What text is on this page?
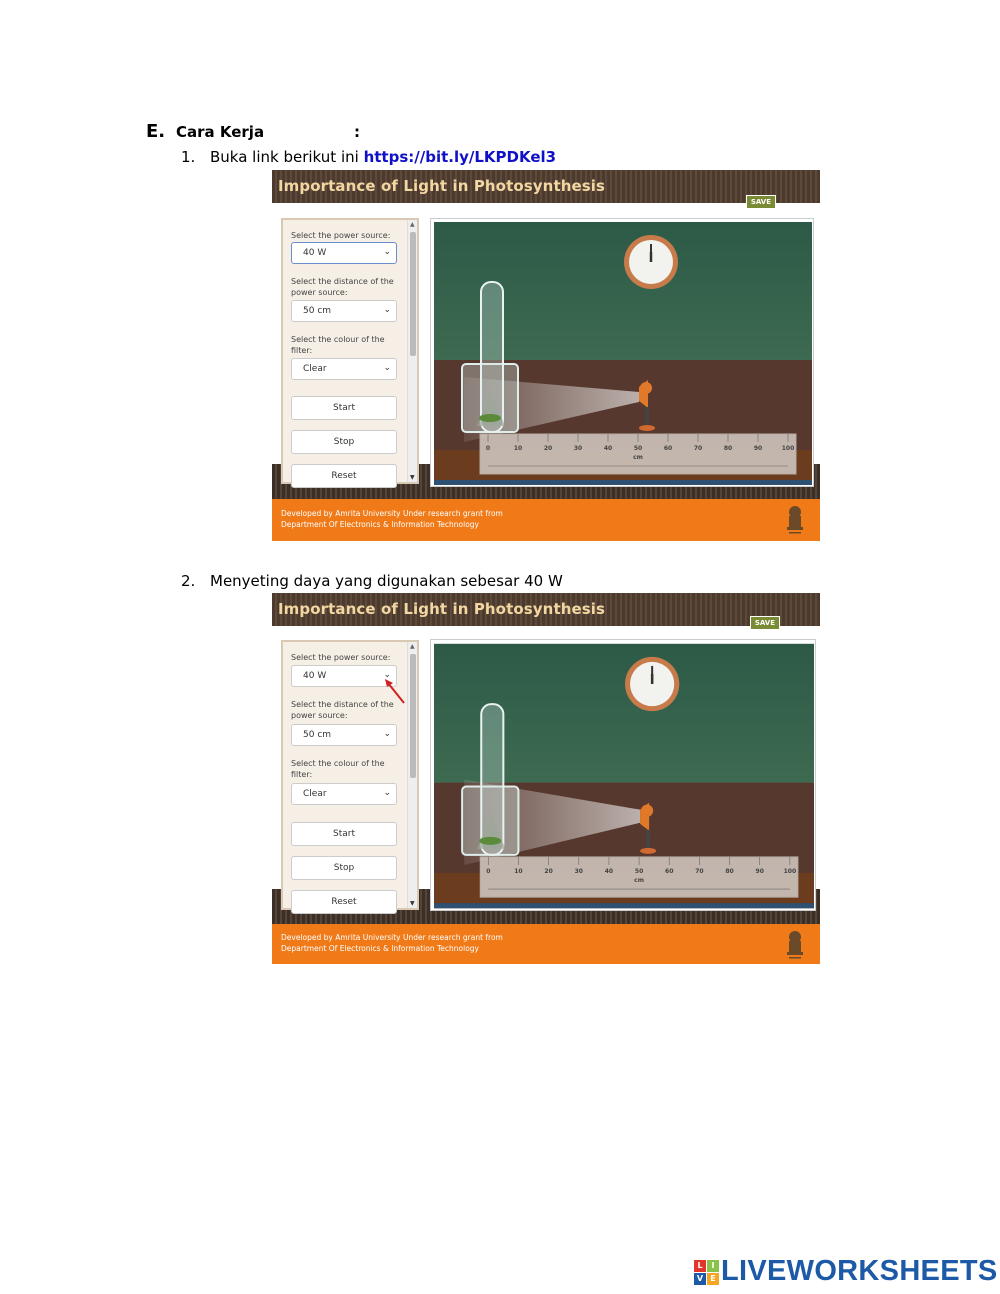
E. Cara Kerja	:
1. Buka link berikut ini https://bit.ly/LKPDKel3
Importance of Light in Photosynthesis
SAVE
Select the power source:
40 W	⌄
Select the distance of the power source:
50 cm	⌄
Select the colour of the filter:
Clear	⌄
Start
Stop
Reset
▲
▼
0	10	20	30	40	50	60	70	80	90	100
cm
Developed by Amrita University Under research grant from
Department Of Electronics & Information Technology
2. Menyeting daya yang digunakan sebesar 40 W
Importance of Light in Photosynthesis
SAVE
Select the power source:
40 W	⌄
Select the distance of the power source:
50 cm	⌄
Select the colour of the filter:
Clear	⌄
Start
Stop
Reset
▲
▼
0	10	20	30	40	50	60	70	80	90	100
cm
Developed by Amrita University Under research grant from
Department Of Electronics & Information Technology
L	I
V E LIVEWORKSHEETS
